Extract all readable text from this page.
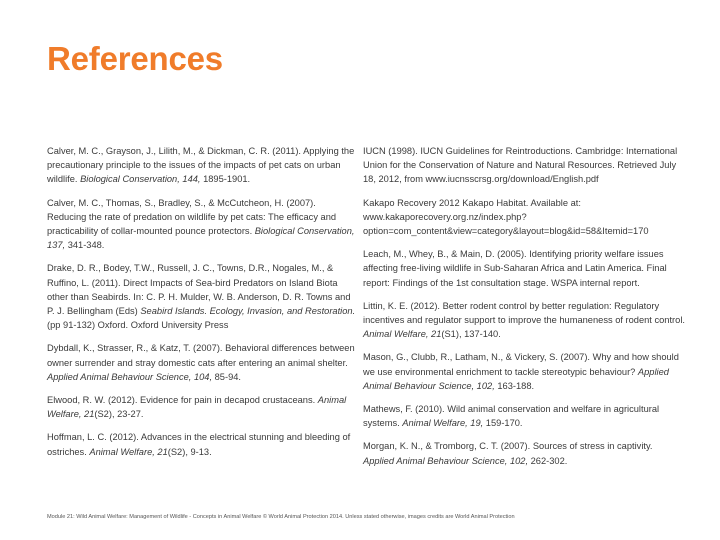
References

Calver, M. C., Grayson, J., Lilith, M., & Dickman, C. R. (2011). Applying the precautionary principle to the issues of the impacts of pet cats on urban wildlife. Biological Conservation, 144, 1895-1901.

Calver, M. C., Thomas, S., Bradley, S., & McCutcheon, H. (2007). Reducing the rate of predation on wildlife by pet cats: The efficacy and practicability of collar-mounted pounce protectors. Biological Conservation, 137, 341-348.

Drake, D. R., Bodey, T.W., Russell, J. C., Towns, D.R., Nogales, M., & Ruffino, L. (2011). Direct Impacts of Sea-bird Predators on Island Biota other than Seabirds. In: C. P. H. Mulder, W. B. Anderson, D. R. Towns and P. J. Bellingham (Eds) Seabird Islands. Ecology, Invasion, and Restoration. (pp 91-132) Oxford. Oxford University Press

Dybdall, K., Strasser, R., & Katz, T. (2007). Behavioral differences between owner surrender and stray domestic cats after entering an animal shelter. Applied Animal Behaviour Science, 104, 85-94.

Elwood, R. W. (2012). Evidence for pain in decapod crustaceans. Animal Welfare, 21(S2), 23-27.

Hoffman, L. C. (2012). Advances in the electrical stunning and bleeding of ostriches. Animal Welfare, 21(S2), 9-13.

IUCN (1998). IUCN Guidelines for Reintroductions. Cambridge: International Union for the Conservation of Nature and Natural Resources. Retrieved July 18, 2012, from www.iucnsscrsg.org/download/English.pdf

Kakapo Recovery 2012 Kakapo Habitat. Available at: www.kakaporecovery.org.nz/index.php?option=com_content&view=category&layout=blog&id=58&Itemid=170

Leach, M., Whey, B., & Main, D. (2005). Identifying priority welfare issues affecting free-living wildlife in Sub-Saharan Africa and Latin America. Final report: Findings of the 1st consultation stage. WSPA internal report.

Littin, K. E. (2012). Better rodent control by better regulation: Regulatory incentives and regulator support to improve the humaneness of rodent control. Animal Welfare, 21(S1), 137-140.

Mason, G., Clubb, R., Latham, N., & Vickery, S. (2007). Why and how should we use environmental enrichment to tackle stereotypic behaviour? Applied Animal Behaviour Science, 102, 163-188.

Mathews, F. (2010). Wild animal conservation and welfare in agricultural systems. Animal Welfare, 19, 159-170.

Morgan, K. N., & Tromborg, C. T. (2007). Sources of stress in captivity. Applied Animal Behaviour Science, 102, 262-302.

Module 21: Wild Animal Welfare: Management of Wildlife - Concepts in Animal Welfare © World Animal Protection 2014. Unless stated otherwise, images credits are World Animal Protection
